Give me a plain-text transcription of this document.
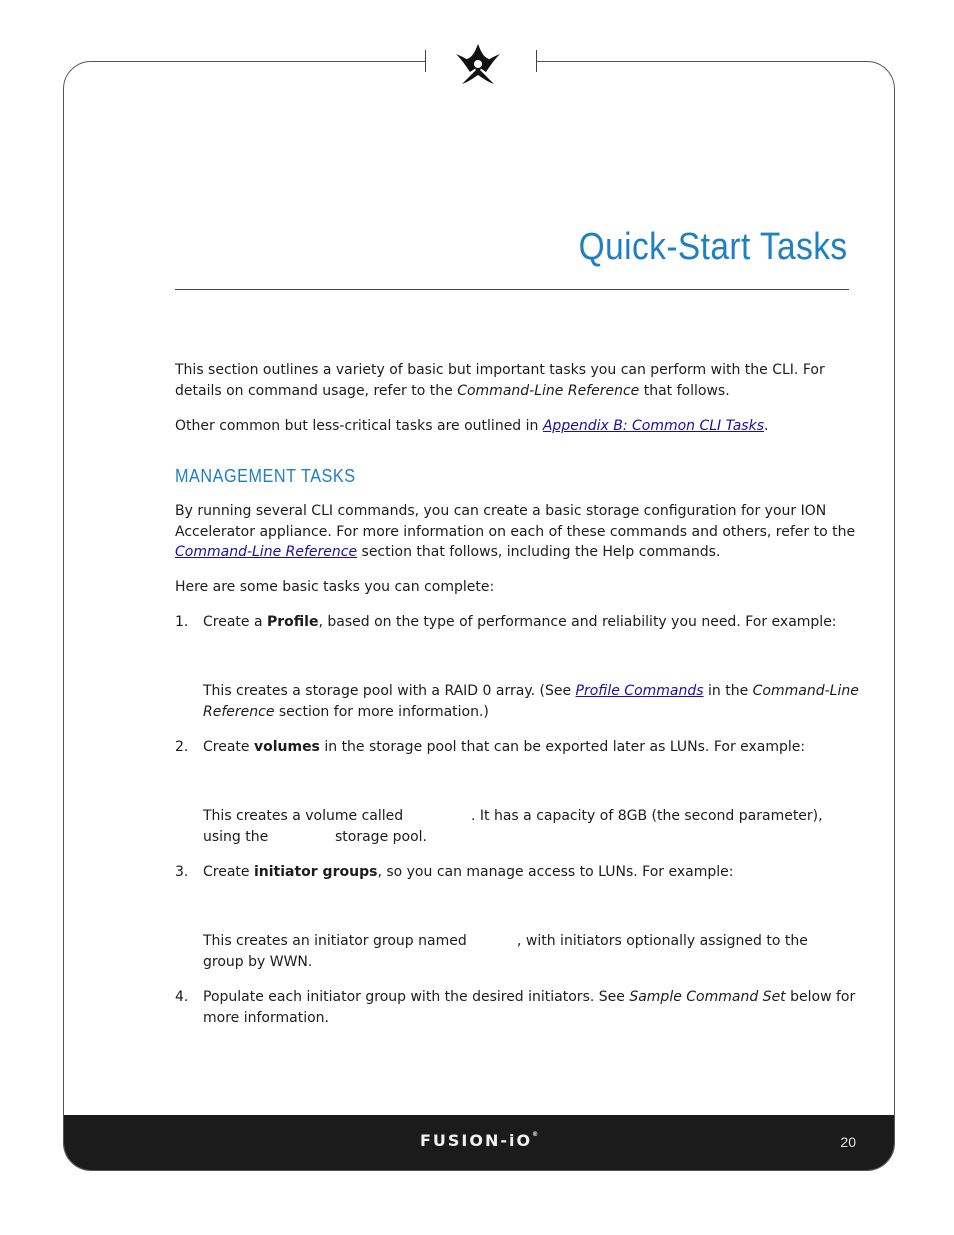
FUSION-iO®	20
Quick-Start Tasks
This section outlines a variety of basic but important tasks you can perform with the CLI. For
details on command usage, refer to the Command-Line Reference that follows.
Other common but less-critical tasks are outlined in Appendix B: Common CLI Tasks.
MANAGEMENT TASKS
By running several CLI commands, you can create a basic storage configuration for your ION
Accelerator appliance. For more information on each of these commands and others, refer to the
Command-Line Reference section that follows, including the Help commands.
Here are some basic tasks you can complete:
1. Create a Profile, based on the type of performance and reliability you need. For example:
This creates a storage pool with a RAID 0 array. (See Profile Commands in the Command-Line
Reference section for more information.)
2. Create volumes in the storage pool that can be exported later as LUNs. For example:
This creates a volume called	. It has a capacity of 8GB (the second parameter),
using the	storage pool.
3. Create initiator groups, so you can manage access to LUNs. For example:
This creates an initiator group named	, with initiators optionally assigned to the
group by WWN.
4. Populate each initiator group with the desired initiators. See Sample Command Set below for
more information.
